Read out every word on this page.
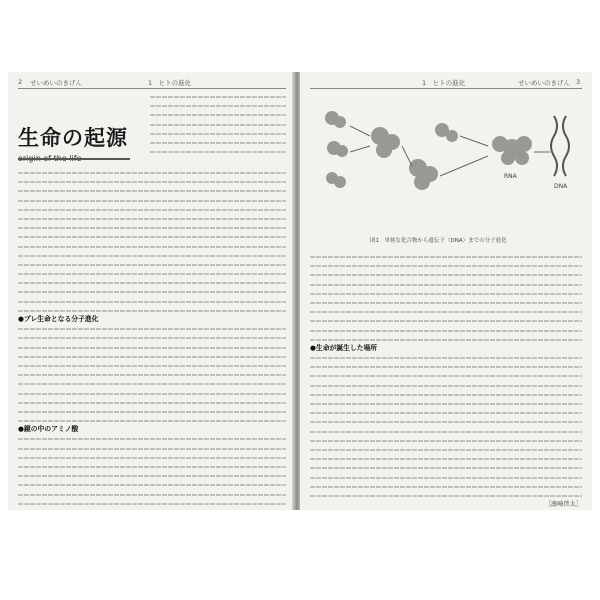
2 せいめいのきげん	1　ヒトの進化
生命の起源

●プレ生命となる分子進化

●鏡の中のアミノ酸

1　ヒトの進化	せいめいのきげん 3
RNA
DNA
図1　単純な化合物から遺伝子（DNA）までの分子進化

●生命が誕生した場所

［濱崎啓太］
